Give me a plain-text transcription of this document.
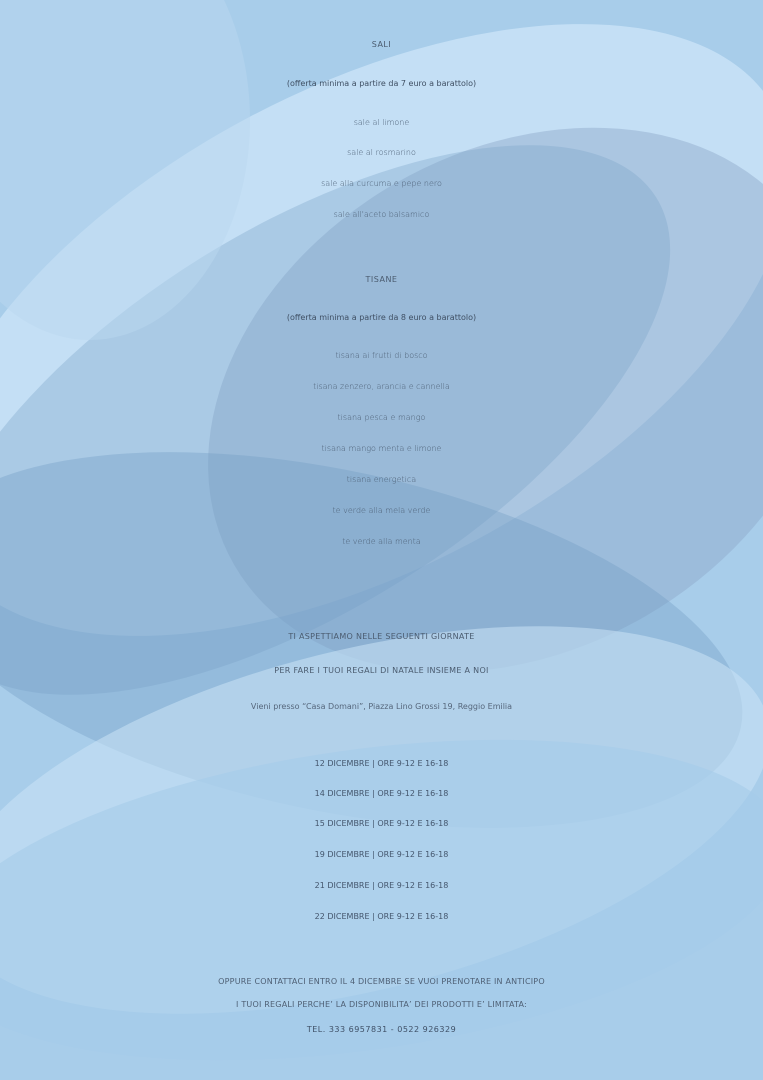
SALI
(offerta minima a partire da 7 euro a barattolo)
sale al limone
sale al rosmarino
sale alla curcuma e pepe nero
sale all'aceto balsamico
TISANE
(offerta minima a partire da 8 euro a barattolo)
tisana ai frutti di bosco
tisana zenzero, arancia e cannella
tisana pesca e mango
tisana mango menta e limone
tisana energetica
te verde alla mela verde
te verde alla menta
TI ASPETTIAMO NELLE SEGUENTI GIORNATE
PER FARE I TUOI REGALI DI NATALE INSIEME A NOI
Vieni presso “Casa Domani”, Piazza Lino Grossi 19, Reggio Emilia
12 DICEMBRE | ORE 9-12 E 16-18
14 DICEMBRE | ORE 9-12 E 16-18
15 DICEMBRE | ORE 9-12 E 16-18
19 DICEMBRE | ORE 9-12 E 16-18
21 DICEMBRE | ORE 9-12 E 16-18
22 DICEMBRE | ORE 9-12 E 16-18
OPPURE CONTATTACI ENTRO IL 4 DICEMBRE SE VUOI PRENOTARE IN ANTICIPO
I TUOI REGALI PERCHE’ LA DISPONIBILITA’ DEI PRODOTTI E’ LIMITATA:
TEL. 333 6957831 - 0522 926329
